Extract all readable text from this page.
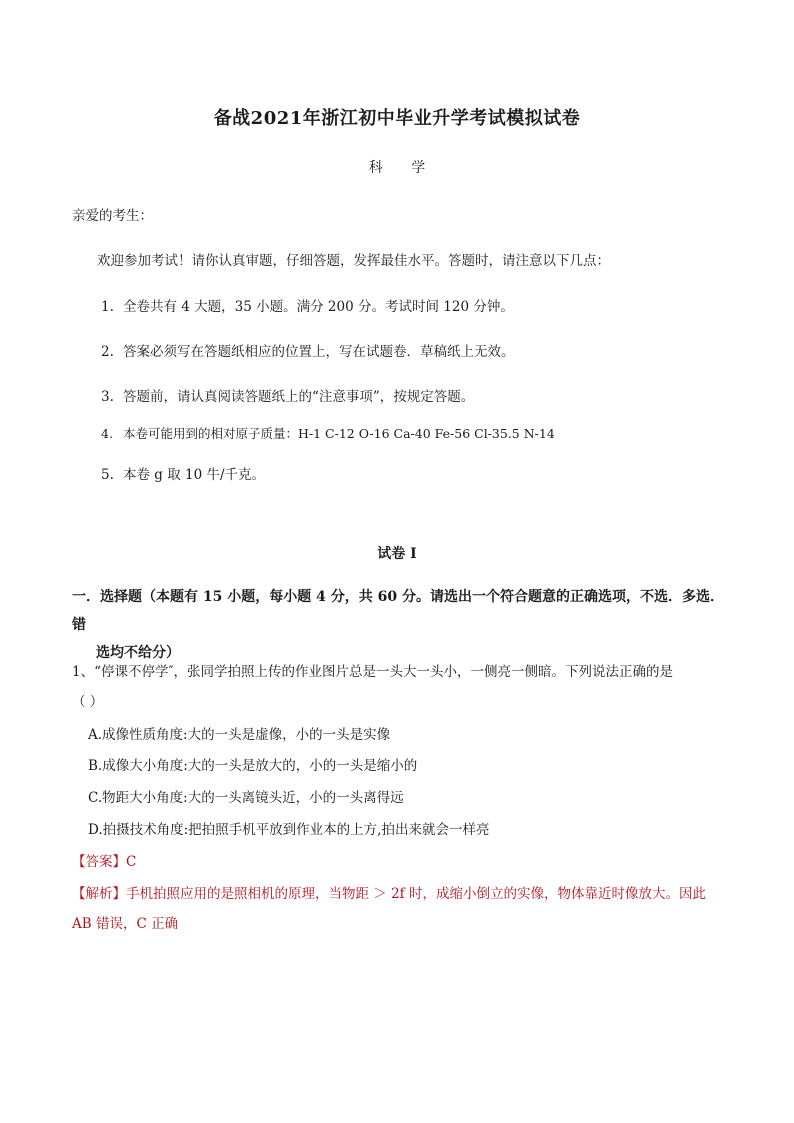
备战2021年浙江初中毕业升学考试模拟试卷
科 学
亲爱的考生：
欢迎参加考试！请你认真审题，仔细答题，发挥最佳水平。答题时，请注意以下几点：
1. 全卷共有 4 大题，35 小题。满分 200 分。考试时间 120 分钟。
2. 答案必须写在答题纸相应的位置上，写在试题卷．草稿纸上无效。
3. 答题前，请认真阅读答题纸上的“注意事项”，按规定答题。
4. 本卷可能用到的相对原子质量：H-1 C-12 O-16 Ca-40 Fe-56 Cl-35.5 N-14
5. 本卷 g 取 10 牛/千克。
试卷 I
一．选择题（本题有 15 小题，每小题 4 分，共 60 分。请选出一个符合题意的正确选项，不选．多选．错
选均不给分）
1、“停课不停学″，张同学拍照上传的作业图片总是一头大一头小，一侧亮一侧暗。下列说法正确的是
（ ）
A.成像性质角度:大的一头是虚像，小的一头是实像
B.成像大小角度:大的一头是放大的，小的一头是缩小的
C.物距大小角度:大的一头离镜头近，小的一头离得远
D.拍摄技术角度:把拍照手机平放到作业本的上方,拍出来就会一样亮
【答案】C
【解析】手机拍照应用的是照相机的原理，当物距 ＞ 2f 时，成缩小倒立的实像，物体靠近时像放大。因此
AB 错误，C 正确
